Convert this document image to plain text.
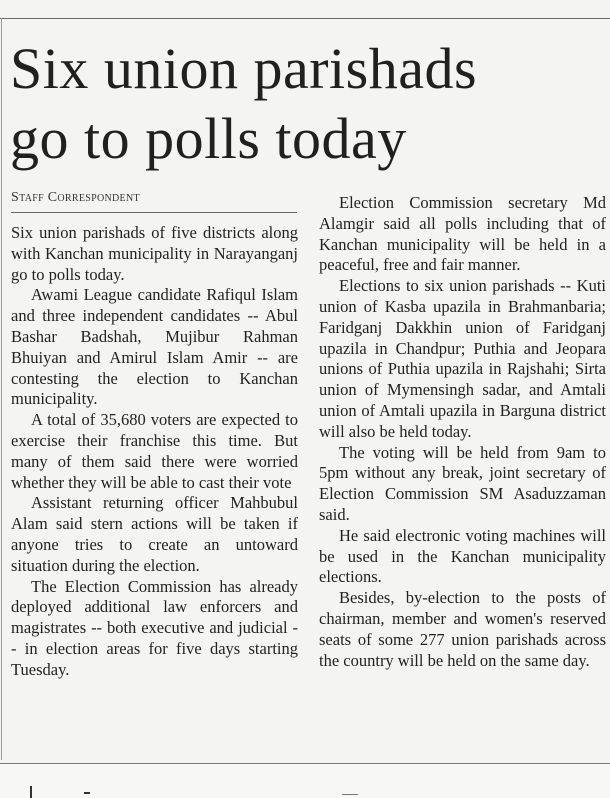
Six union parishads
go to polls today
Staff Correspondent

Six union parishads of five districts along with Kanchan municipality in Narayanganj go to polls today.

Awami League candidate Rafiqul Islam and three independent candidates -- Abul Bashar Badshah, Mujibur Rahman Bhuiyan and Amirul Islam Amir -- are contesting the election to Kanchan municipality.

A total of 35,680 voters are expected to exercise their franchise this time. But many of them said there were worried whether they will be able to cast their vote

Assistant returning officer Mahbubul Alam said stern actions will be taken if anyone tries to create an untoward situation during the election.

The Election Commission has already deployed additional law enforcers and magistrates -- both executive and judicial -- in election areas for five days starting Tuesday.

Election Commission secretary Md Alamgir said all polls including that of Kanchan municipality will be held in a peaceful, free and fair manner.

Elections to six union parishads -- Kuti union of Kasba upazila in Brahmanbaria; Faridganj Dakkhin union of Faridganj upazila in Chandpur; Puthia and Jeopara unions of Puthia upazila in Rajshahi; Sirta union of Mymensingh sadar, and Amtali union of Amtali upazila in Barguna district will also be held today.

The voting will be held from 9am to 5pm without any break, joint secretary of Election Commission SM Asaduzzaman said.

He said electronic voting machines will be used in the Kanchan municipality elections.

Besides, by-election to the posts of chairman, member and women's reserved seats of some 277 union parishads across the country will be held on the same day.
